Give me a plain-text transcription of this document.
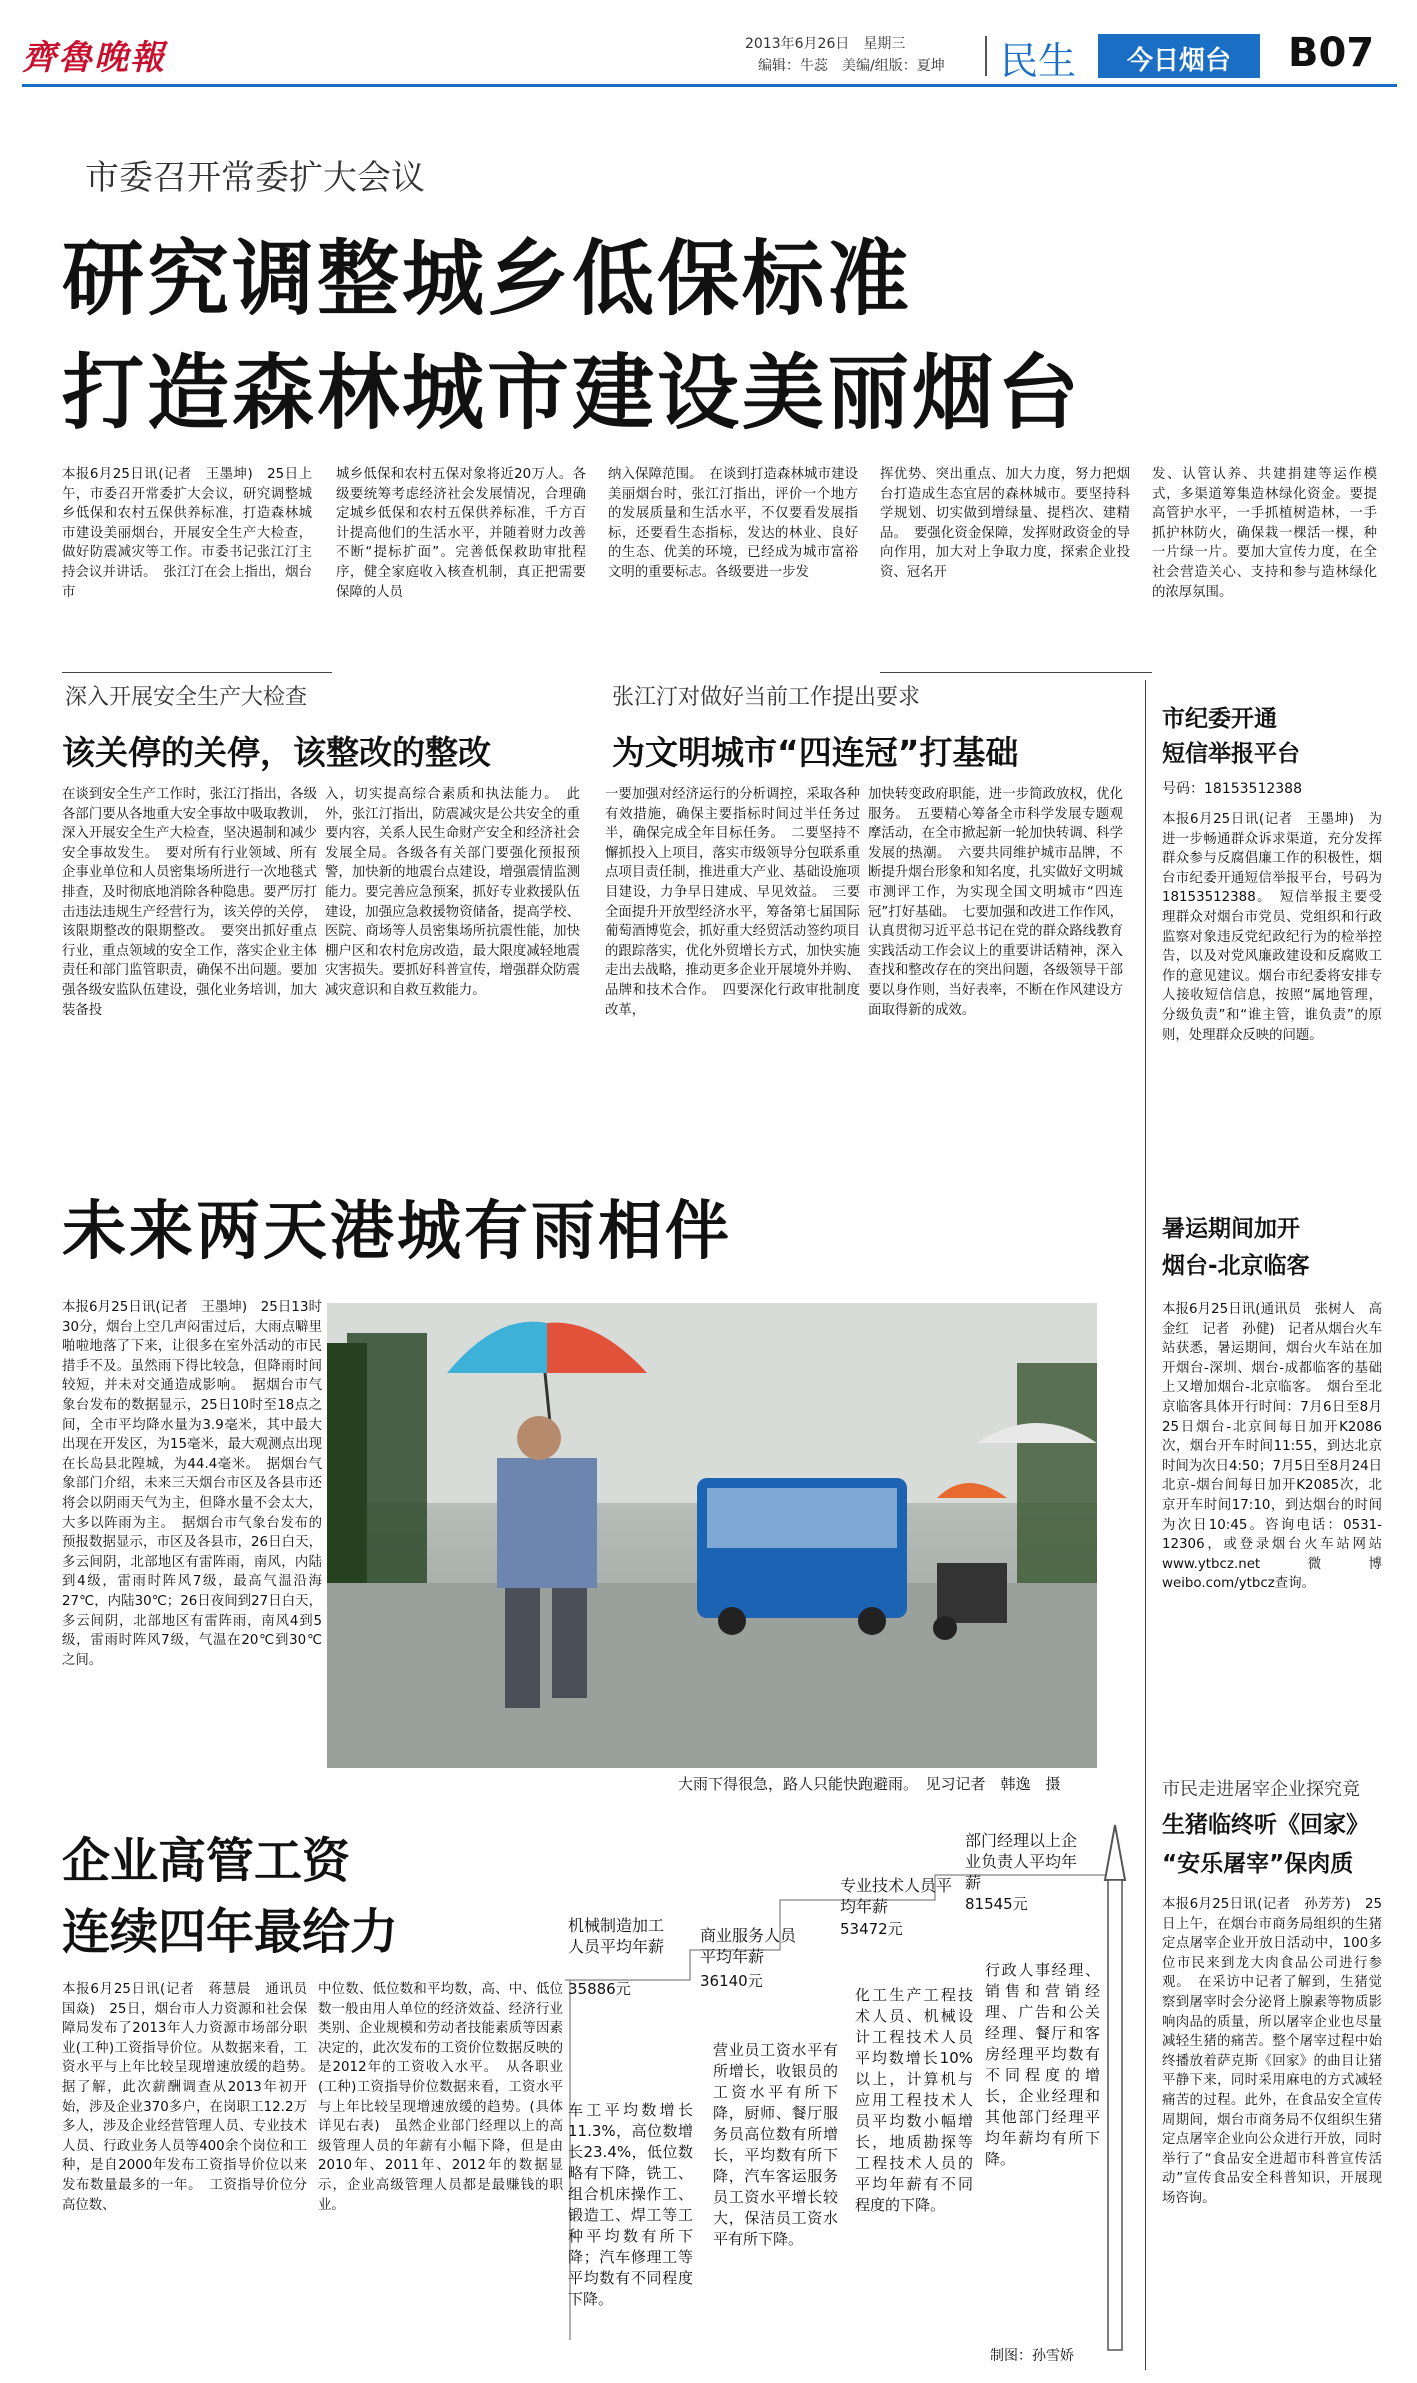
齊魯晚報	2013年6月26日　星期三
编辑：牛蕊　美编/组版：夏坤 民生	今日烟台	B07
市委召开常委扩大会议
研究调整城乡低保标准
打造森林城市建设美丽烟台
本报6月25日讯(记者　王墨坤)　25日上午，市委召开常委扩大会议，研究调整城乡低保和农村五保供养标准，打造森林城市建设美丽烟台，开展安全生产大检查，做好防震减灾等工作。市委书记张江汀主持会议并讲话。　张江汀在会上指出，烟台市
城乡低保和农村五保对象将近20万人。各级要统筹考虑经济社会发展情况，合理确定城乡低保和农村五保供养标准，千方百计提高他们的生活水平，并随着财力改善不断“提标扩面”。完善低保救助审批程序，健全家庭收入核查机制，真正把需要保障的人员
纳入保障范围。　在谈到打造森林城市建设美丽烟台时，张江汀指出，评价一个地方的发展质量和生活水平，不仅要看发展指标，还要看生态指标，发达的林业、良好的生态、优美的环境，已经成为城市富裕文明的重要标志。各级要进一步发
挥优势、突出重点、加大力度，努力把烟台打造成生态宜居的森林城市。要坚持科学规划、切实做到增绿量、提档次、建精品。　要强化资金保障，发挥财政资金的导向作用，加大对上争取力度，探索企业投资、冠名开
发、认管认养、共建捐建等运作模式，多渠道筹集造林绿化资金。要提高管护水平，一手抓植树造林，一手抓护林防火，确保栽一棵活一棵，种一片绿一片。要加大宣传力度，在全社会营造关心、支持和参与造林绿化的浓厚氛围。
深入开展安全生产大检查
该关停的关停，该整改的整改
在谈到安全生产工作时，张江汀指出，各级各部门要从各地重大安全事故中吸取教训，深入开展安全生产大检查，坚决遏制和减少安全事故发生。　要对所有行业领域、所有企事业单位和人员密集场所进行一次地毯式排查，及时彻底地消除各种隐患。要严厉打击违法违规生产经营行为，该关停的关停，该限期整改的限期整改。　要突出抓好重点行业，重点领域的安全工作，落实企业主体责任和部门监管职责，确保不出问题。要加强各级安监队伍建设，强化业务培训，加大装备投
入，切实提高综合素质和执法能力。　此外，张江汀指出，防震减灾是公共安全的重要内容，关系人民生命财产安全和经济社会发展全局。各级各有关部门要强化预报预警，加快新的地震台点建设，增强震情监测能力。要完善应急预案，抓好专业救援队伍建设，加强应急救援物资储备，提高学校、医院、商场等人员密集场所抗震性能，加快棚户区和农村危房改造，最大限度减轻地震灾害损失。要抓好科普宣传，增强群众防震减灾意识和自救互救能力。
张江汀对做好当前工作提出要求
为文明城市“四连冠”打基础
一要加强对经济运行的分析调控，采取各种有效措施，确保主要指标时间过半任务过半，确保完成全年目标任务。　二要坚持不懈抓投入上项目，落实市级领导分包联系重点项目责任制，推进重大产业、基础设施项目建设，力争早日建成、早见效益。　三要全面提升开放型经济水平，筹备第七届国际葡萄酒博览会，抓好重大经贸活动签约项目的跟踪落实，优化外贸增长方式，加快实施走出去战略，推动更多企业开展境外并购、品牌和技术合作。　四要深化行政审批制度改革，
加快转变政府职能，进一步简政放权，优化服务。　五要精心筹备全市科学发展专题观摩活动，在全市掀起新一轮加快转调、科学发展的热潮。　六要共同维护城市品牌，不断提升烟台形象和知名度，扎实做好文明城市测评工作，为实现全国文明城市“四连冠”打好基础。　七要加强和改进工作作风，认真贯彻习近平总书记在党的群众路线教育实践活动工作会议上的重要讲话精神，深入查找和整改存在的突出问题，各级领导干部要以身作则，当好表率，不断在作风建设方面取得新的成效。
未来两天港城有雨相伴
本报6月25日讯(记者　王墨坤)　25日13时30分，烟台上空几声闷雷过后，大雨点噼里啪啦地落了下来，让很多在室外活动的市民措手不及。虽然雨下得比较急，但降雨时间较短，并未对交通造成影响。　据烟台市气象台发布的数据显示，25日10时至18点之间，全市平均降水量为3.9毫米，其中最大出现在开发区，为15毫米，最大观测点出现在长岛县北隍城，为44.4毫米。　据烟台气象部门介绍，未来三天烟台市区及各县市还将会以阴雨天气为主，但降水量不会太大，大多以阵雨为主。　据烟台市气象台发布的预报数据显示，市区及各县市，26日白天，多云间阴，北部地区有雷阵雨，南风，内陆到4级，雷雨时阵风7级，最高气温沿海27℃，内陆30℃；26日夜间到27日白天，多云间阴，北部地区有雷阵雨，南风4到5级，雷雨时阵风7级，气温在20℃到30℃之间。
大雨下得很急，路人只能快跑避雨。　见习记者　韩逸　摄
企业高管工资
连续四年最给力
本报6月25日讯(记者　蒋慧晨　通讯员　国焱)　25日，烟台市人力资源和社会保障局发布了2013年人力资源市场部分职业(工种)工资指导价位。从数据来看，工资水平与上年比较呈现增速放缓的趋势。　据了解，此次薪酬调查从2013年初开始，涉及企业370多户，在岗职工12.2万多人，涉及企业经营管理人员、专业技术人员、行政业务人员等400余个岗位和工种，是自2000年发布工资指导价位以来发布数量最多的一年。　工资指导价位分高位数、
中位数、低位数和平均数，高、中、低位数一般由用人单位的经济效益、经济行业类别、企业规模和劳动者技能素质等因素决定的，此次发布的工资价位数据反映的是2012年的工资收入水平。　从各职业(工种)工资指导价位数据来看，工资水平与上年比较呈现增速放缓的趋势。(具体详见右表)　虽然企业部门经理以上的高级管理人员的年薪有小幅下降，但是由2010年、2011年、2012年的数据显示，企业高级管理人员都是最赚钱的职业。
机械制造加工人员平均年薪
35886元
车工平均数增长11.3%，高位数增长23.4%，低位数略有下降，铣工、组合机床操作工、锻造工、焊工等工种平均数有所下降；汽车修理工等平均数有不同程度下降。
商业服务人员平均年薪
36140元
营业员工资水平有所增长，收银员的工资水平有所下降，厨师、餐厅服务员高位数有所增长，平均数有所下降，汽车客运服务员工资水平增长较大，保洁员工资水平有所下降。
专业技术人员平均年薪
53472元
化工生产工程技术人员、机械设计工程技术人员平均数增长10%以上，计算机与应用工程技术人员平均数小幅增长，地质勘探等工程技术人员的平均年薪有不同程度的下降。
部门经理以上企业负责人平均年薪
81545元
行政人事经理、销售和营销经理、广告和公关经理、餐厅和客房经理平均数有不同程度的增长，企业经理和其他部门经理平均年薪均有所下降。
制图：孙雪娇
市纪委开通
短信举报平台
号码：18153512388
本报6月25日讯(记者　王墨坤)　为进一步畅通群众诉求渠道，充分发挥群众参与反腐倡廉工作的积极性，烟台市纪委开通短信举报平台，号码为18153512388。　短信举报主要受理群众对烟台市党员、党组织和行政监察对象违反党纪政纪行为的检举控告，以及对党风廉政建设和反腐败工作的意见建议。烟台市纪委将安排专人接收短信信息，按照“属地管理，分级负责”和“谁主管，谁负责”的原则，处理群众反映的问题。
暑运期间加开
烟台-北京临客
本报6月25日讯(通讯员　张树人　高金红　记者　孙健)　记者从烟台火车站获悉，暑运期间，烟台火车站在加开烟台-深圳、烟台-成都临客的基础上又增加烟台-北京临客。　烟台至北京临客具体开行时间：7月6日至8月25日烟台-北京间每日加开K2086次，烟台开车时间11:55，到达北京时间为次日4:50；7月5日至8月24日北京-烟台间每日加开K2085次，北京开车时间17:10，到达烟台的时间为次日10:45。咨询电话：0531-12306，或登录烟台火车站网站www.ytbcz.net微博weibo.com/ytbcz查询。
市民走进屠宰企业探究竟
生猪临终听《回家》
“安乐屠宰”保肉质
本报6月25日讯(记者　孙芳芳)　25日上午，在烟台市商务局组织的生猪定点屠宰企业开放日活动中，100多位市民来到龙大肉食品公司进行参观。　在采访中记者了解到，生猪觉察到屠宰时会分泌肾上腺素等物质影响肉品的质量，所以屠宰企业也尽量减轻生猪的痛苦。整个屠宰过程中始终播放着萨克斯《回家》的曲目让猪平静下来，同时采用麻电的方式减轻痛苦的过程。此外，在食品安全宣传周期间，烟台市商务局不仅组织生猪定点屠宰企业向公众进行开放，同时举行了“食品安全进超市科普宣传活动”宣传食品安全科普知识，开展现场咨询。
